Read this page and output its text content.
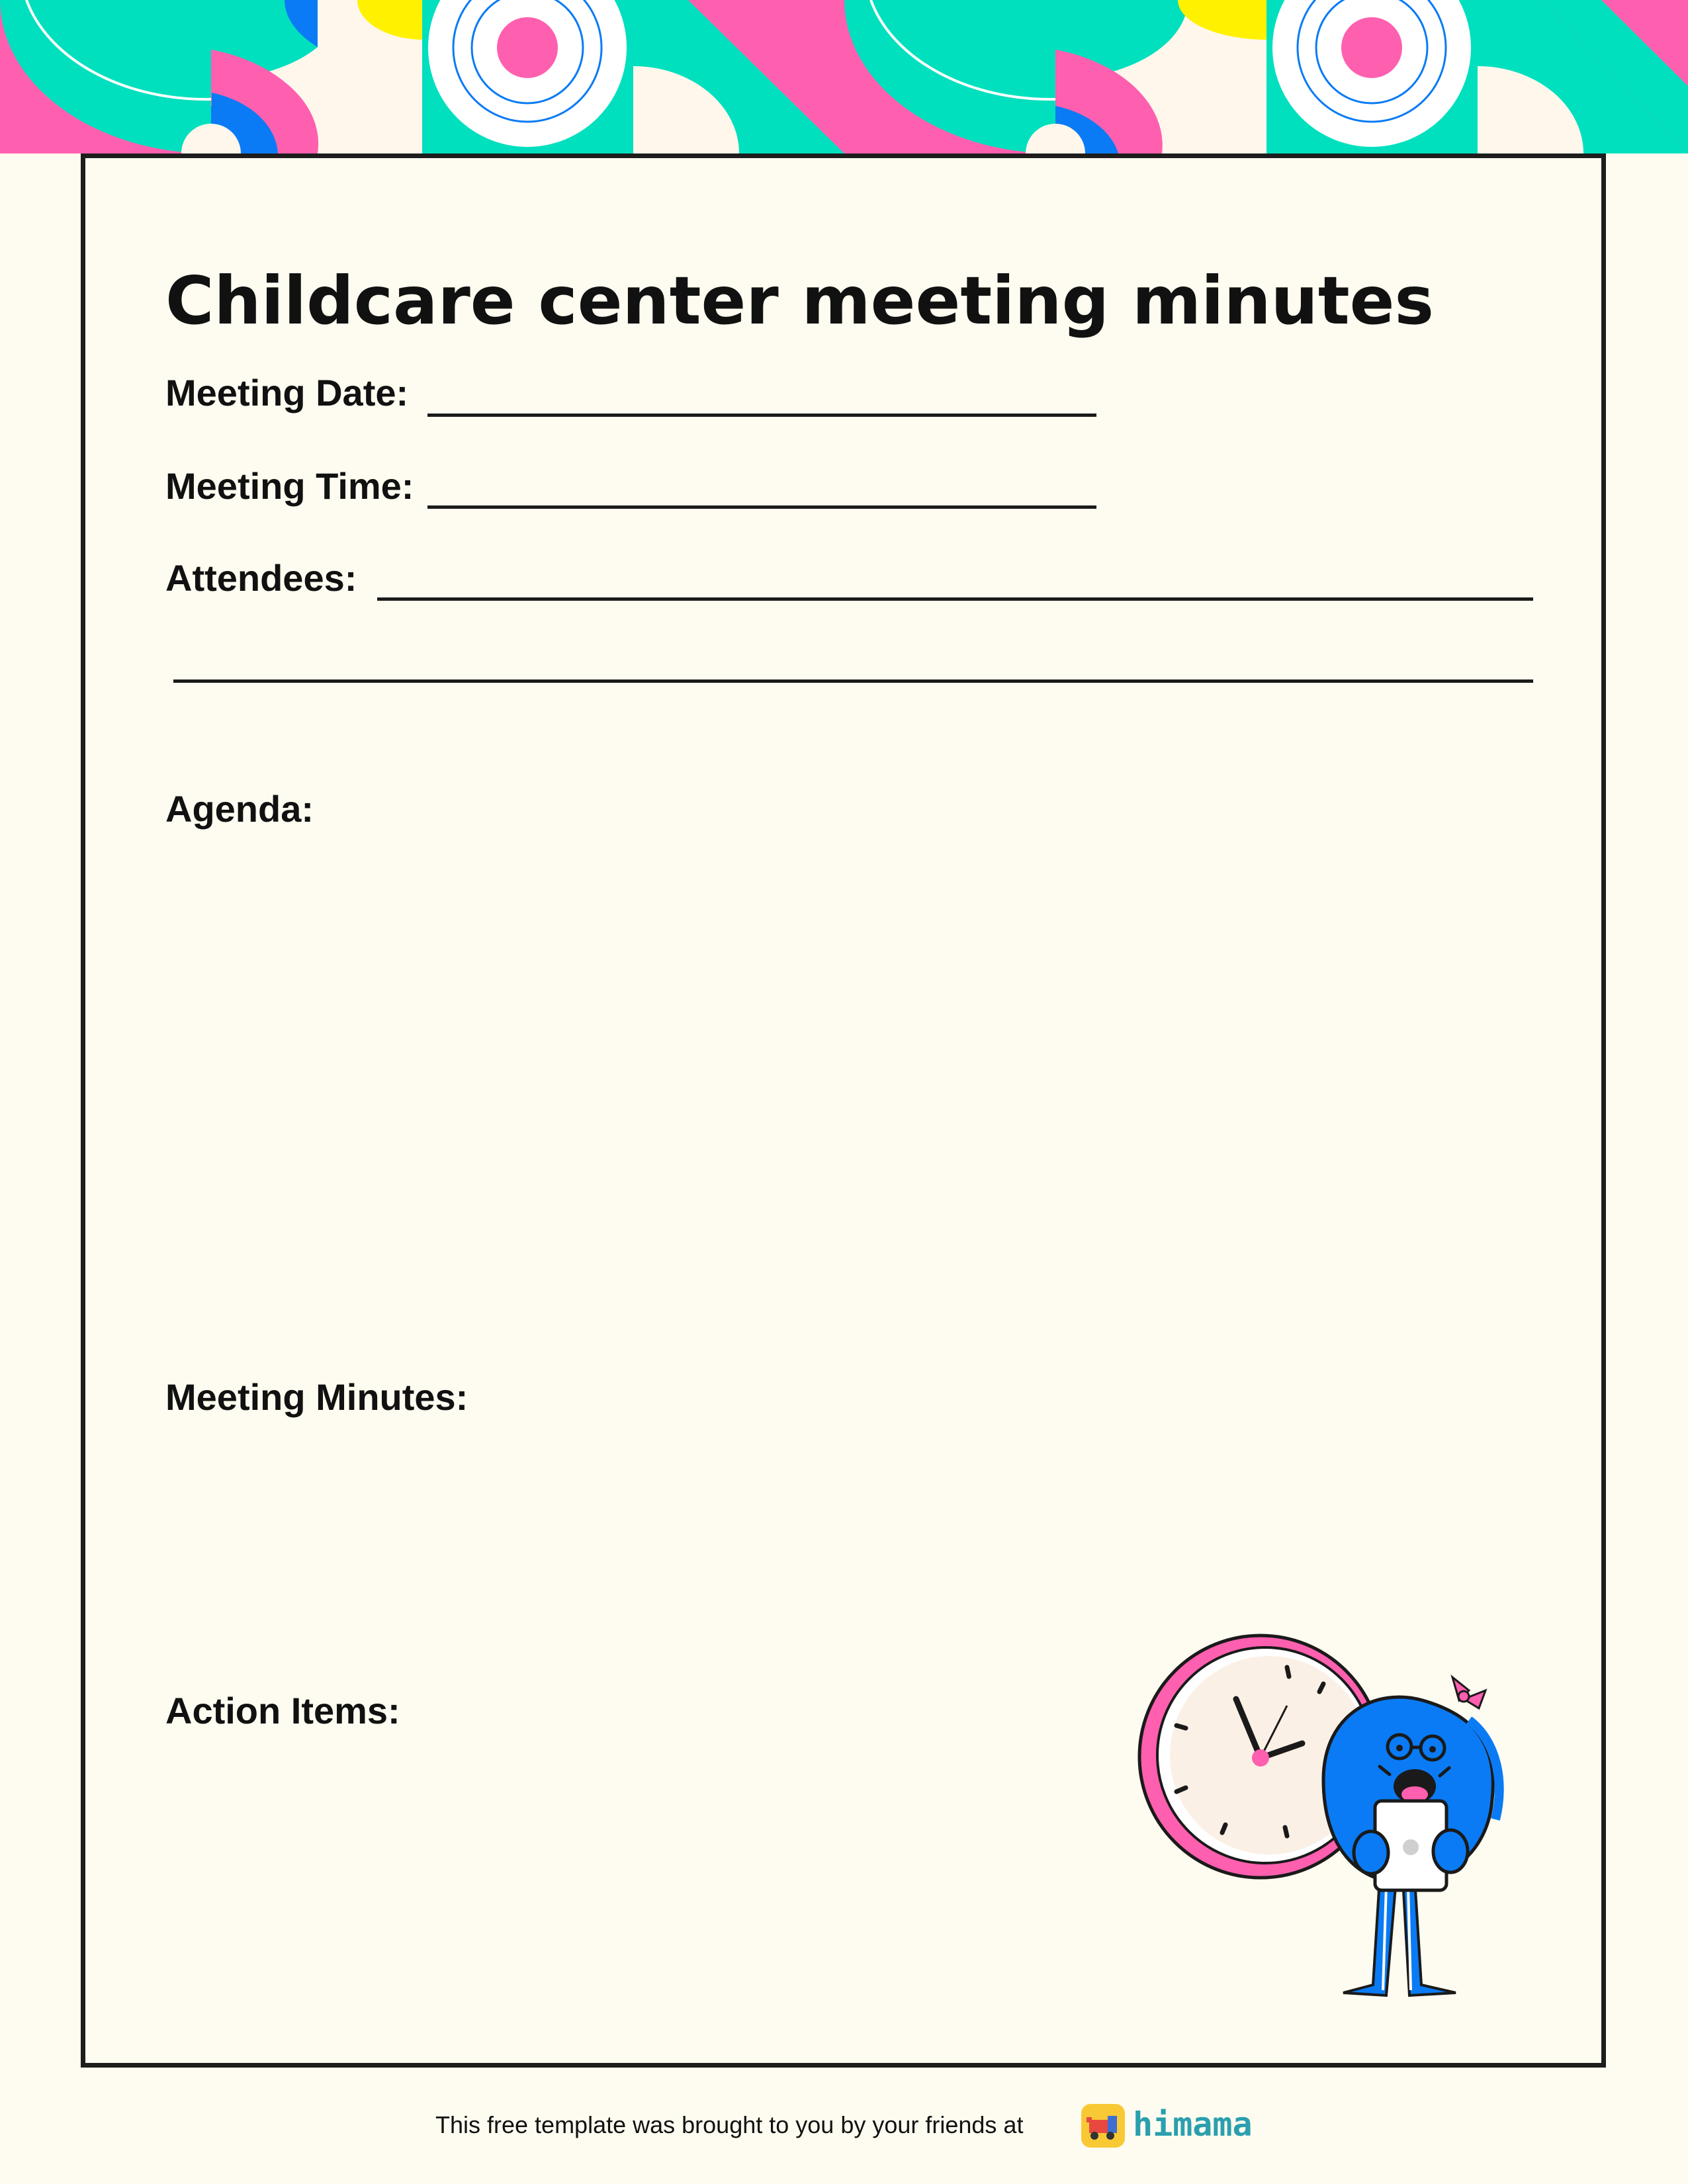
Childcare center meeting minutes
Meeting Date:
Meeting Time:
Attendees:
Agenda:
Meeting Minutes:
Action Items:
This free template was brought to you by your friends at	himama
